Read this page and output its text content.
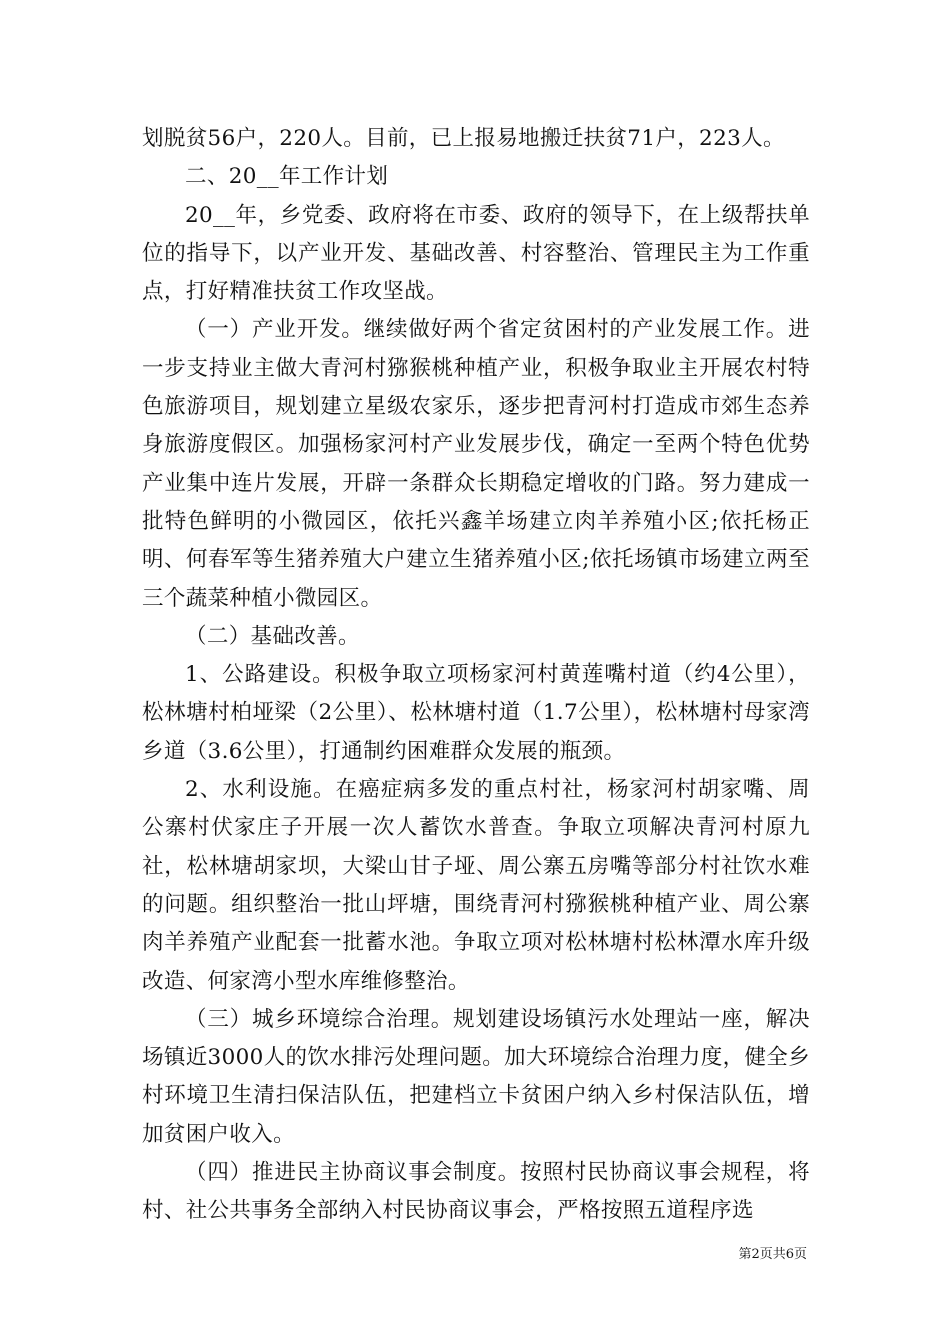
划脱贫56户，220人。目前，已上报易地搬迁扶贫71户，223人。

二、20__年工作计划

20__年，乡党委、政府将在市委、政府的领导下，在上级帮扶单位的指导下，以产业开发、基础改善、村容整治、管理民主为工作重点，打好精准扶贫工作攻坚战。

（一）产业开发。继续做好两个省定贫困村的产业发展工作。进一步支持业主做大青河村猕猴桃种植产业，积极争取业主开展农村特色旅游项目，规划建立星级农家乐，逐步把青河村打造成市郊生态养身旅游度假区。加强杨家河村产业发展步伐，确定一至两个特色优势产业集中连片发展，开辟一条群众长期稳定增收的门路。努力建成一批特色鲜明的小微园区，依托兴鑫羊场建立肉羊养殖小区;依托杨正明、何春军等生猪养殖大户建立生猪养殖小区;依托场镇市场建立两至三个蔬菜种植小微园区。

（二）基础改善。

1、公路建设。积极争取立项杨家河村黄莲嘴村道（约4公里），松林塘村柏垭梁（2公里）、松林塘村道（1.7公里），松林塘村母家湾乡道（3.6公里），打通制约困难群众发展的瓶颈。

2、水利设施。在癌症病多发的重点村社，杨家河村胡家嘴、周公寨村伏家庄子开展一次人蓄饮水普查。争取立项解决青河村原九社，松林塘胡家坝，大梁山甘子垭、周公寨五房嘴等部分村社饮水难的问题。组织整治一批山坪塘，围绕青河村猕猴桃种植产业、周公寨肉羊养殖产业配套一批蓄水池。争取立项对松林塘村松林潭水库升级改造、何家湾小型水库维修整治。

（三）城乡环境综合治理。规划建设场镇污水处理站一座，解决场镇近3000人的饮水排污处理问题。加大环境综合治理力度，健全乡村环境卫生清扫保洁队伍，把建档立卡贫困户纳入乡村保洁队伍，增加贫困户收入。

（四）推进民主协商议事会制度。按照村民协商议事会规程，将村、社公共事务全部纳入村民协商议事会，严格按照五道程序选

第2页共6页
